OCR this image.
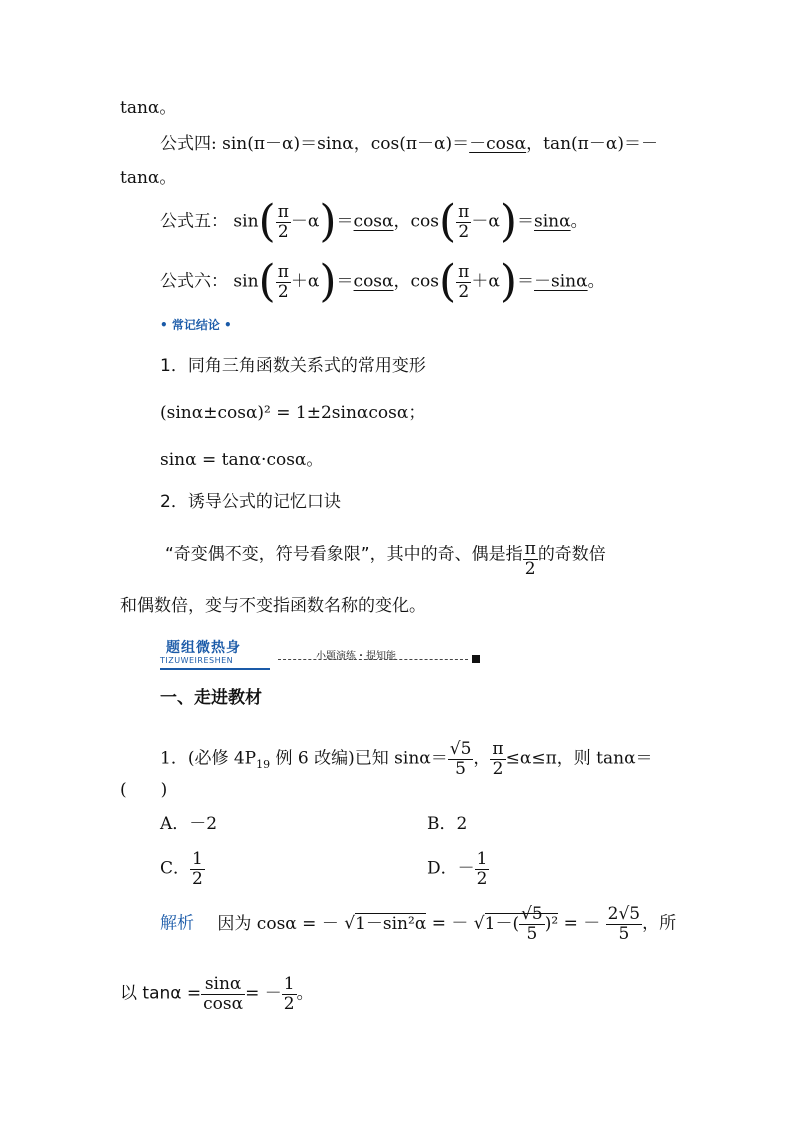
tanα。
公式四: sin(π－α)＝sinα，cos(π－α)＝－cosα，tan(π－α)＝－
tanα。
公式五： $\sin( \frac{\pi}{2} -\alpha)=\cos\alpha$，$\cos( \frac{\pi}{2} -\alpha)=\sin\alpha$。
公式六： $\sin( \frac{\pi}{2} +\alpha)=\cos\alpha$，$\cos( \frac{\pi}{2} +\alpha)=-\sin\alpha$。
• 常记结论 •
1．同角三角函数关系式的常用变形
(sinα±cosα)² = 1±2sinαcosα；
sinα = tanα·cosα。
2．诱导公式的记忆口诀
“奇变偶不变，符号看象限”，其中的奇、偶是指 $\frac{\pi}{2}$ 的奇数倍
和偶数倍，变与不变指函数名称的变化。
题组微热身
TIZUWEIRESHEN	小题演练・提知能
一、走进教材
1．(必修 $4P_{19}$ 例 6 改编)已知 $\sin\alpha= \frac{√5}{5}$ ， $\frac{\pi}{2} \le\alpha\le\pi$，则 tanα＝
(　　)
A．－2	B．2
C． $\frac{1}{2}$	D．－ $\frac{1}{2}$
解析 因为 cosα = － √1－sin²α = － $√1-( \frac{√5}{5} )^2$ = － $\frac{2√5}{5}$ ，所
以 $\tan\alpha = \frac{\sin\alpha}{\cos\alpha}$ = － $\frac{1}{2}$ 。
